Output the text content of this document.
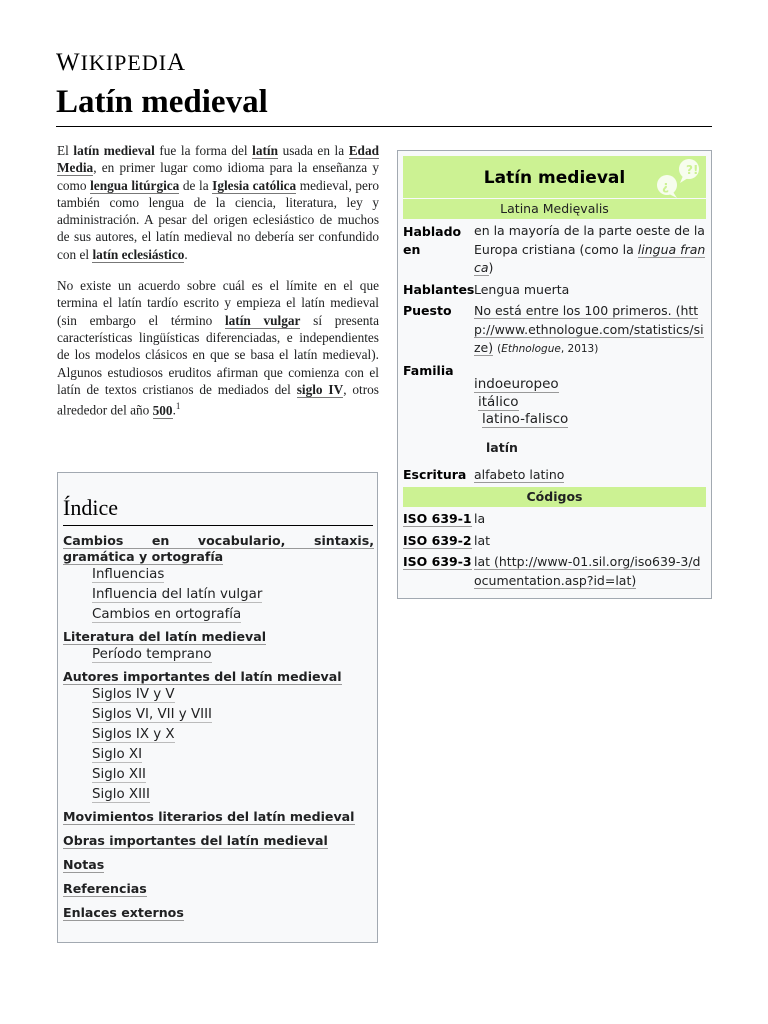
WIKIPEDIA
Latín medieval

El latín medieval fue la forma del latín usada en la Edad Media, en primer lugar como idioma para la enseñanza y como lengua litúrgica de la Iglesia católica medieval, pero también como lengua de la ciencia, literatura, ley y administración. A pesar del origen eclesiástico de muchos de sus autores, el latín medieval no debería ser confundido con el latín eclesiástico.

No existe un acuerdo sobre cuál es el límite en el que termina el latín tardío escrito y empieza el latín medieval (sin embargo el término latín vulgar sí presenta características lingüísticas diferenciadas, e independientes de los modelos clásicos en que se basa el latín medieval). Algunos estudiosos eruditos afirman que comienza con el latín de textos cristianos de mediados del siglo IV, otros alrededor del año 500.$^1$

Índice
Cambios en vocabulario, sintaxis, gramática y ortografía
Influencias
Influencia del latín vulgar
Cambios en ortografía
Literatura del latín medieval
Período temprano
Autores importantes del latín medieval
Siglos IV y V
Siglos VI, VII y VIII
Siglos IX y X
Siglo XI
Siglo XII
Siglo XIII
Movimientos literarios del latín medieval
Obras importantes del latín medieval
Notas
Referencias
Enlaces externos
Latín medieval	?!
¿
Latina Medięvalis
Hablado en
en la mayoría de la parte oeste de la Europa cristiana (como la lingua franca)
Hablantes Lengua muerta
Puesto No está entre los 100 primeros. (http://www.ethnologue.com/statistics/size) (Ethnologue, 2013)
Familia
indoeuropeo
itálico
latino-falisco
latín
Escritura alfabeto latino
Códigos
ISO 639-1 la
ISO 639-2 lat
ISO 639-3 lat (http://www-01.sil.org/iso639-3/documentation.asp?id=lat)
